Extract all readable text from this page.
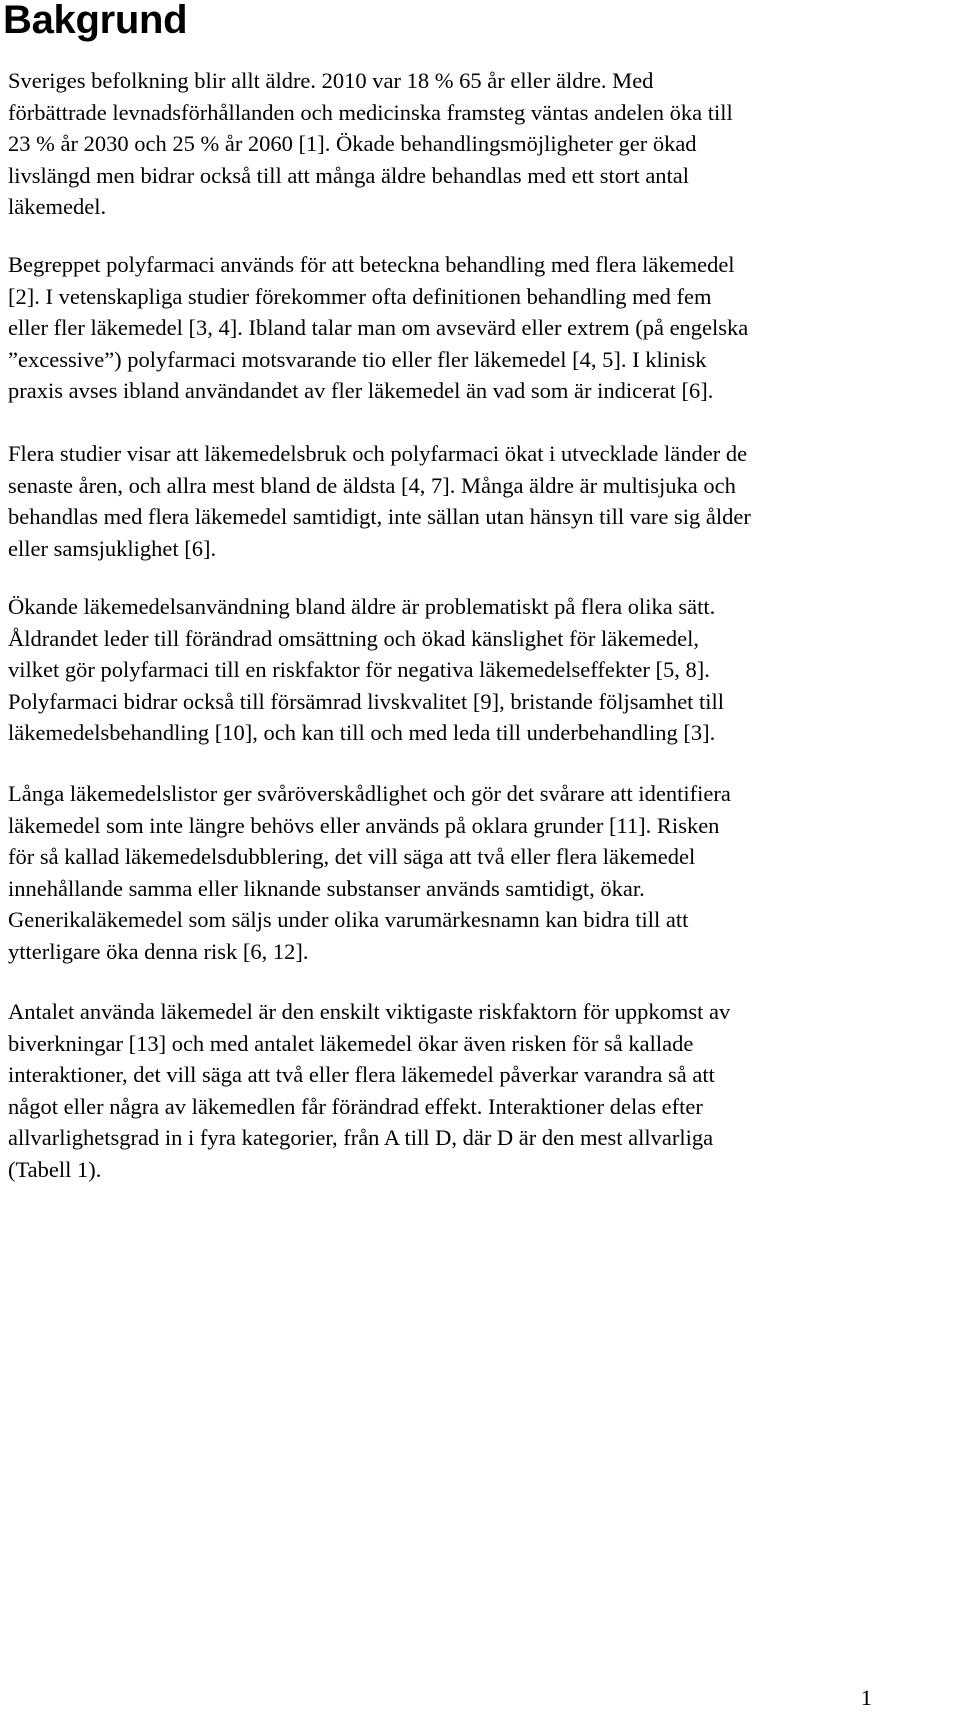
Bakgrund

Sveriges befolkning blir allt äldre. 2010 var 18 % 65 år eller äldre. Med
förbättrade levnadsförhållanden och medicinska framsteg väntas andelen öka till
23 % år 2030 och 25 % år 2060 [1]. Ökade behandlingsmöjligheter ger ökad
livslängd men bidrar också till att många äldre behandlas med ett stort antal
läkemedel.

Begreppet polyfarmaci används för att beteckna behandling med flera läkemedel
[2]. I vetenskapliga studier förekommer ofta definitionen behandling med fem
eller fler läkemedel [3, 4]. Ibland talar man om avsevärd eller extrem (på engelska
”excessive”) polyfarmaci motsvarande tio eller fler läkemedel [4, 5]. I klinisk
praxis avses ibland användandet av fler läkemedel än vad som är indicerat [6].

Flera studier visar att läkemedelsbruk och polyfarmaci ökat i utvecklade länder de
senaste åren, och allra mest bland de äldsta [4, 7]. Många äldre är multisjuka och
behandlas med flera läkemedel samtidigt, inte sällan utan hänsyn till vare sig ålder
eller samsjuklighet [6].

Ökande läkemedelsanvändning bland äldre är problematiskt på flera olika sätt.
Åldrandet leder till förändrad omsättning och ökad känslighet för läkemedel,
vilket gör polyfarmaci till en riskfaktor för negativa läkemedelseffekter [5, 8].
Polyfarmaci bidrar också till försämrad livskvalitet [9], bristande följsamhet till
läkemedelsbehandling [10], och kan till och med leda till underbehandling [3].

Långa läkemedelslistor ger svåröverskådlighet och gör det svårare att identifiera
läkemedel som inte längre behövs eller används på oklara grunder [11]. Risken
för så kallad läkemedelsdubblering, det vill säga att två eller flera läkemedel
innehållande samma eller liknande substanser används samtidigt, ökar.
Generikaläkemedel som säljs under olika varumärkesnamn kan bidra till att
ytterligare öka denna risk [6, 12].

Antalet använda läkemedel är den enskilt viktigaste riskfaktorn för uppkomst av
biverkningar [13] och med antalet läkemedel ökar även risken för så kallade
interaktioner, det vill säga att två eller flera läkemedel påverkar varandra så att
något eller några av läkemedlen får förändrad effekt. Interaktioner delas efter
allvarlighetsgrad in i fyra kategorier, från A till D, där D är den mest allvarliga
(Tabell 1).

1
